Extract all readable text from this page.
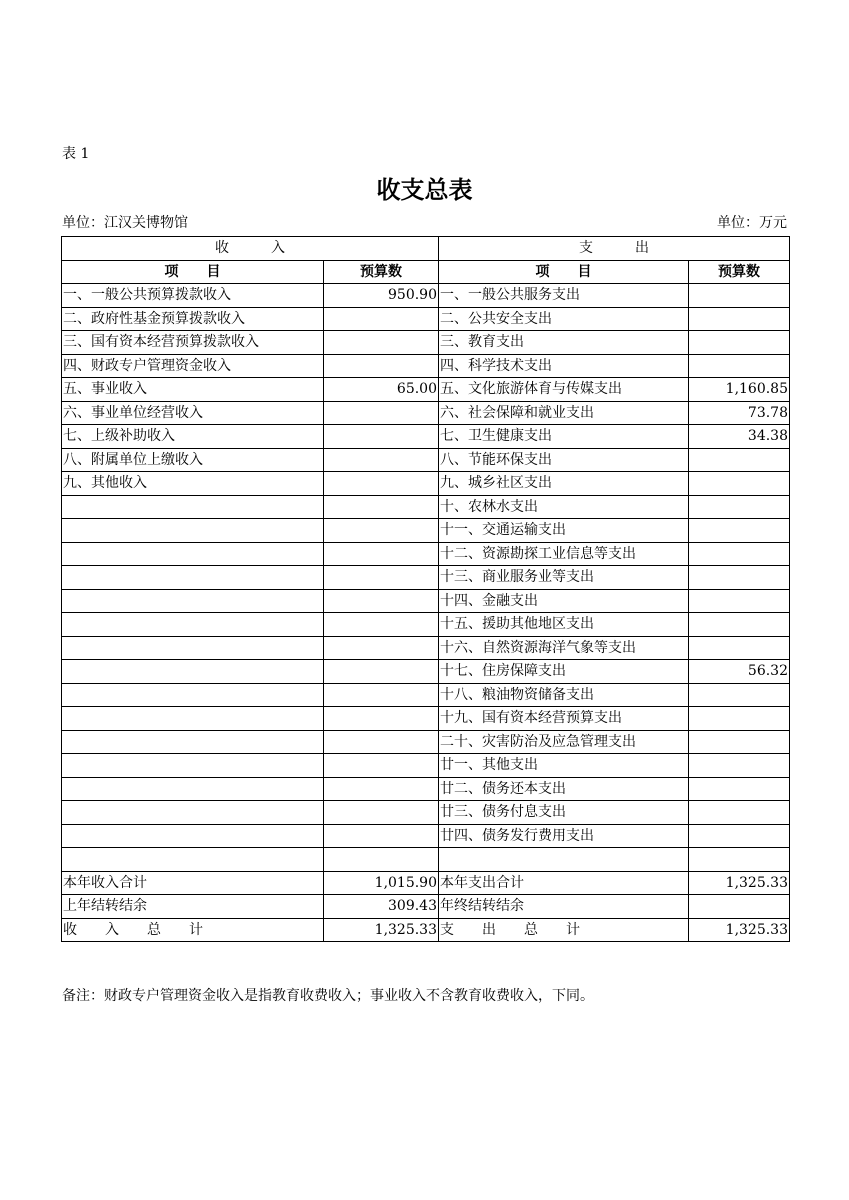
表 1
收支总表
单位：江汉关博物馆	单位：万元
收　　　入		支　　　出	
项　　目	预算数	项　　目	预算数
一、一般公共预算拨款收入	950.90	一、一般公共服务支出	
二、政府性基金预算拨款收入		二、公共安全支出	
三、国有资本经营预算拨款收入		三、教育支出	
四、财政专户管理资金收入		四、科学技术支出	
五、事业收入	65.00	五、文化旅游体育与传媒支出	1,160.85
六、事业单位经营收入		六、社会保障和就业支出	73.78
七、上级补助收入		七、卫生健康支出	34.38
八、附属单位上缴收入		八、节能环保支出	
九、其他收入		九、城乡社区支出	
		十、农林水支出	
		十一、交通运输支出	
		十二、资源勘探工业信息等支出	
		十三、商业服务业等支出	
		十四、金融支出	
		十五、援助其他地区支出	
		十六、自然资源海洋气象等支出	
		十七、住房保障支出	56.32
		十八、粮油物资储备支出	
		十九、国有资本经营预算支出	
		二十、灾害防治及应急管理支出	
		廿一、其他支出	
		廿二、债务还本支出	
		廿三、债务付息支出	
		廿四、债务发行费用支出	

本年收入合计	1,015.90	本年支出合计	1,325.33
上年结转结余	309.43	年终结转结余	
收　　入　　总　　计	1,325.33	支　　出　　总　　计	1,325.33
备注：财政专户管理资金收入是指教育收费收入；事业收入不含教育收费收入，下同。
